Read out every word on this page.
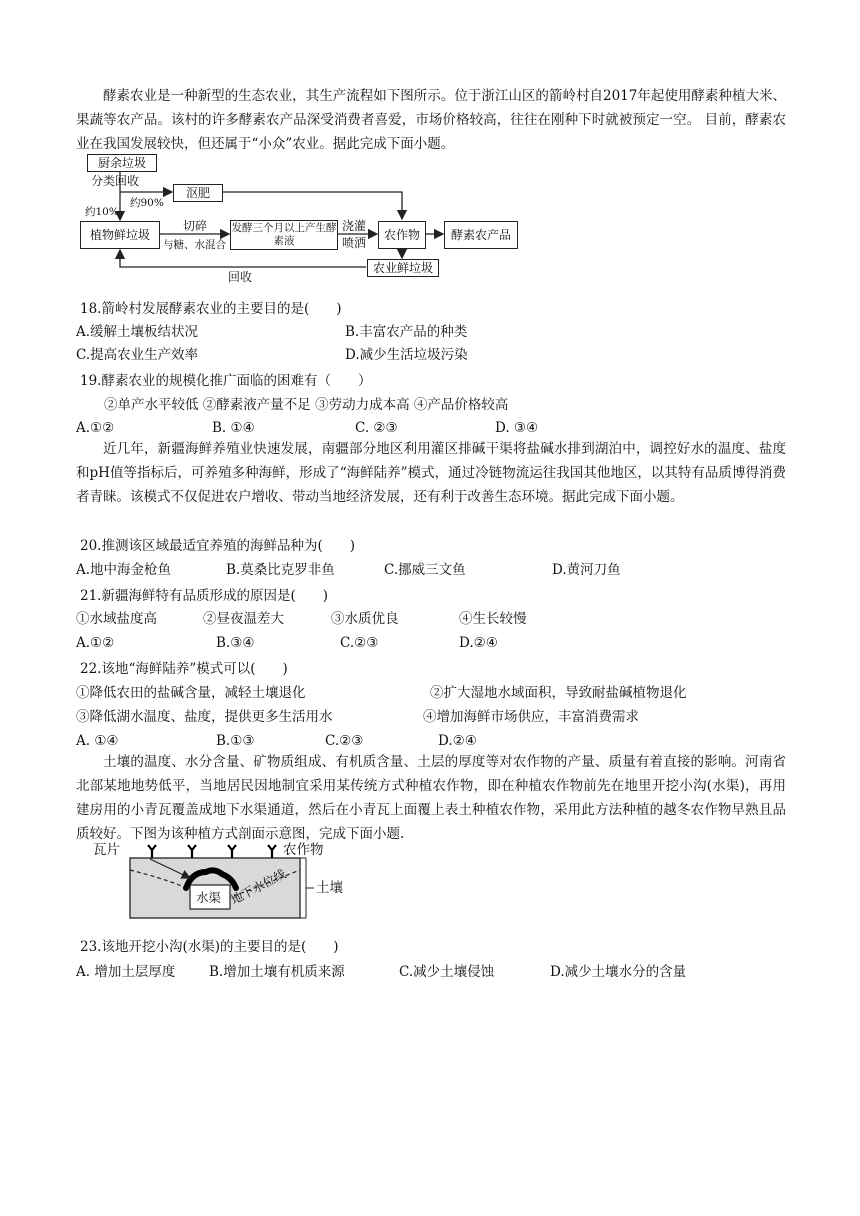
酵素农业是一种新型的生态农业，其生产流程如下图所示。位于浙江山区的箭岭村自2017年起使用酵素种植大米、果蔬等农产品。该村的许多酵素农产品深受消费者喜爱，市场价格较高，往往在刚种下时就被预定一空。 目前，酵素农业在我国发展较快，但还属于“小众”农业。据此完成下面小题。
厨余垃圾
分类回收
约90%
沤肥
约10%
植物鲜垃圾
切碎
与糖、水混合
发酵三个月以上产生酵素液
浇灌
喷洒
农作物	酵素农产品
农业鲜垃圾
回收
18.箭岭村发展酵素农业的主要目的是(　　)
A.缓解土壤板结状况	B.丰富农产品的种类
C.提高农业生产效率	D.减少生活垃圾污染
19.酵素农业的规模化推广面临的困难有（　　）
②单产水平较低 ②酵素液产量不足 ③劳动力成本高 ④产品价格较高
A.①②	B. ①④	C. ②③	D. ③④
近几年，新疆海鲜养殖业快速发展，南疆部分地区利用灌区排碱干渠将盐碱水排到湖泊中，调控好水的温度、盐度和pH值等指标后，可养殖多种海鲜，形成了“海鲜陆养”模式，通过冷链物流运往我国其他地区，以其特有品质博得消费者青睐。该模式不仅促进农户增收、带动当地经济发展，还有利于改善生态环境。据此完成下面小题。
20.推测该区域最适宜养殖的海鲜品种为(　　)
A.地中海金枪鱼	B.莫桑比克罗非鱼	C.挪威三文鱼	D.黄河刀鱼
21.新疆海鲜特有品质形成的原因是(　　)
①水域盐度高	②昼夜温差大	③水质优良	④生长较慢
A.①②	B.③④	C.②③	D.②④
22.该地“海鲜陆养”模式可以(　　)
①降低农田的盐碱含量，减轻土壤退化	②扩大湿地水域面积，导致耐盐碱植物退化
③降低湖水温度、盐度，提供更多生活用水	④增加海鲜市场供应，丰富消费需求
A. ①④	B.①③	C.②③	D.②④
土壤的温度、水分含量、矿物质组成、有机质含量、土层的厚度等对农作物的产量、质量有着直接的影响。河南省北部某地地势低平，当地居民因地制宜采用某传统方式种植农作物，即在种植农作物前先在地里开挖小沟(水渠)，再用建房用的小青瓦覆盖成地下水渠通道，然后在小青瓦上面覆上表土种植农作物，采用此方法种植的越冬农作物早熟且品质较好。下图为该种植方式剖面示意图，完成下面小题.
瓦片	农作物
土壤
水渠 地下水位线
23.该地开挖小沟(水渠)的主要目的是(　　)
A. 增加土层厚度 B.增加土壤有机质来源	C.减少土壤侵蚀	D.减少土壤水分的含量
